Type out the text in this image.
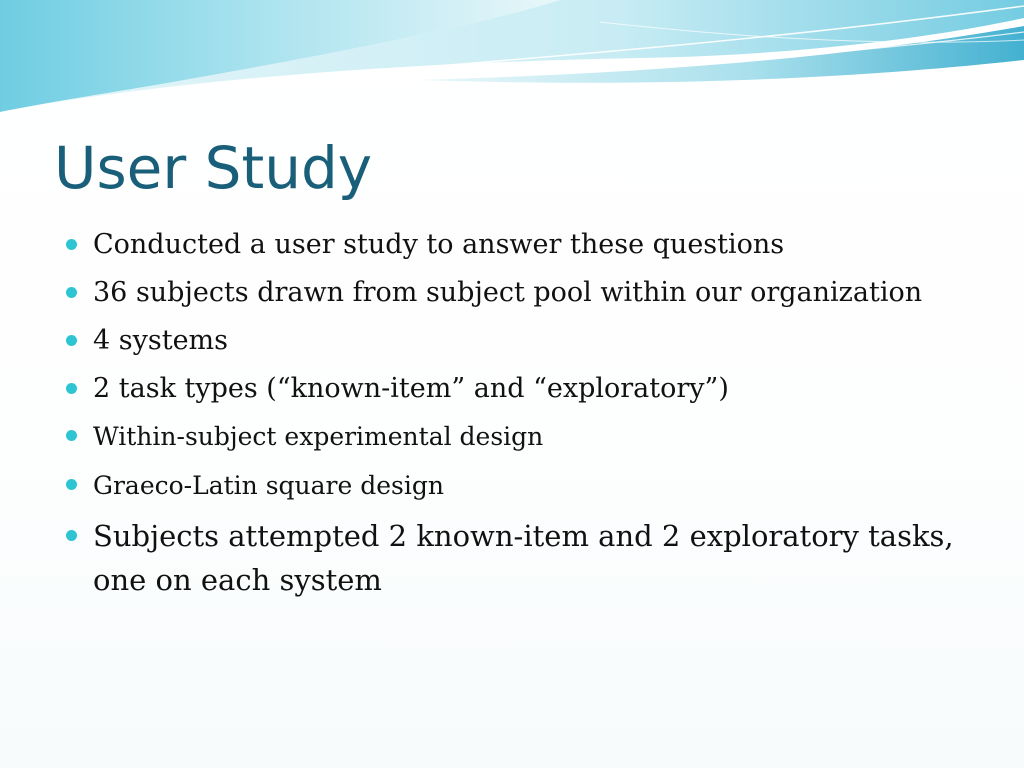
User Study
Conducted a user study to answer these questions
36 subjects drawn from subject pool within our organization
4 systems
2 task types (“known-item” and “exploratory”)
Within-subject experimental design
Graeco-Latin square design
Subjects attempted 2 known-item and 2 exploratory tasks, one on each system
